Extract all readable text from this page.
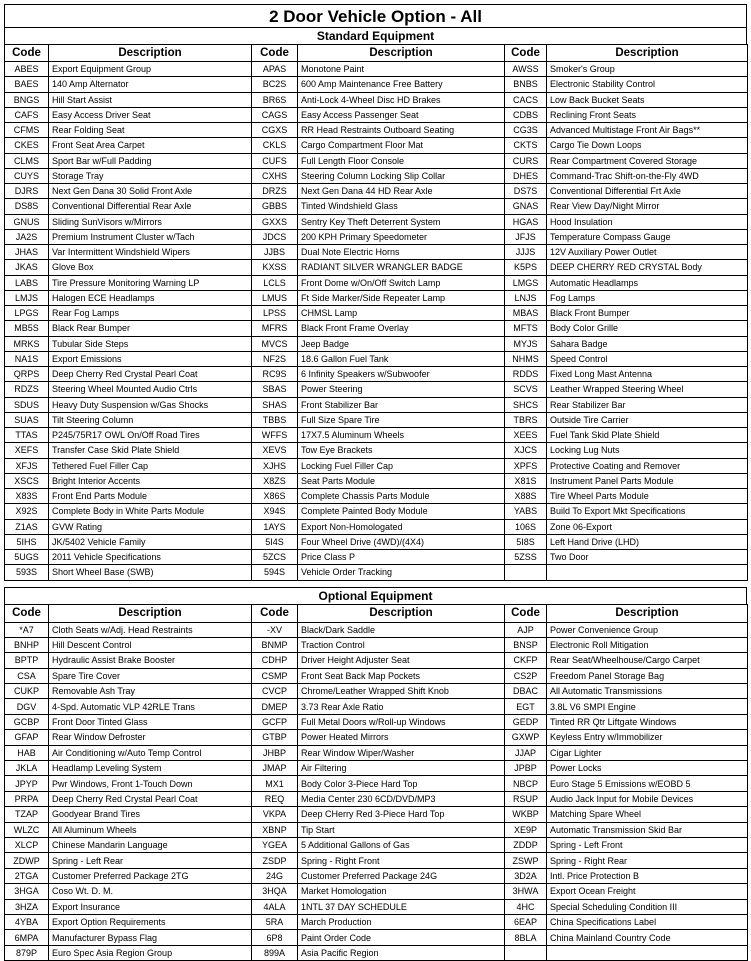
2 Door Vehicle Option - All
Standard Equipment
Code	Description	Code	Description	Code	Description
ABES	Export Equipment Group	APAS	Monotone Paint	AWSS	Smoker's Group
BAES	140 Amp Alternator	BC2S	600 Amp Maintenance Free Battery	BNBS	Electronic Stability Control
BNGS	Hill Start Assist	BR6S	Anti-Lock 4-Wheel Disc HD Brakes	CACS	Low Back Bucket Seats
CAFS	Easy Access Driver Seat	CAGS	Easy Access Passenger Seat	CDBS	Reclining Front Seats
CFMS	Rear Folding Seat	CGXS	RR Head Restraints Outboard Seating	CG3S	Advanced Multistage Front Air Bags**
CKES	Front Seat Area Carpet	CKLS	Cargo Compartment Floor Mat	CKTS	Cargo Tie Down Loops
CLMS	Sport Bar w/Full Padding	CUFS	Full Length Floor Console	CURS	Rear Compartment Covered Storage
CUYS	Storage Tray	CXHS	Steering Column Locking Slip Collar	DHES	Command-Trac Shift-on-the-Fly 4WD
DJRS	Next Gen Dana 30 Solid Front Axle	DRZS	Next Gen Dana 44 HD Rear Axle	DS7S	Conventional Differential Frt Axle
DS8S	Conventional Differential Rear Axle	GBBS	Tinted Windshield Glass	GNAS	Rear View Day/Night Mirror
GNUS	Sliding SunVisors w/Mirrors	GXXS	Sentry Key Theft Deterrent System	HGAS	Hood Insulation
JA2S	Premium Instrument Cluster w/Tach	JDCS	200 KPH Primary Speedometer	JFJS	Temperature Compass Gauge
JHAS	Var Intermittent Windshield Wipers	JJBS	Dual Note Electric Horns	JJJS	12V Auxiliary Power Outlet
JKAS	Glove Box	KXSS	RADIANT SILVER WRANGLER BADGE	K5PS	DEEP CHERRY RED CRYSTAL Body
LABS	Tire Pressure Monitoring Warning LP	LCLS	Front Dome w/On/Off Switch Lamp	LMGS	Automatic Headlamps
LMJS	Halogen ECE Headlamps	LMUS	Ft Side Marker/Side Repeater Lamp	LNJS	Fog Lamps
LPGS	Rear Fog Lamps	LPSS	CHMSL Lamp	MBAS	Black Front Bumper
MB5S	Black Rear Bumper	MFRS	Black Front Frame Overlay	MFTS	Body Color Grille
MRKS	Tubular Side Steps	MVCS	Jeep Badge	MYJS	Sahara Badge
NA1S	Export Emissions	NF2S	18.6 Gallon Fuel Tank	NHMS	Speed Control
QRPS	Deep Cherry Red Crystal Pearl Coat	RC9S	6 Infinity Speakers w/Subwoofer	RDDS	Fixed Long Mast Antenna
RDZS	Steering Wheel Mounted Audio Ctrls	SBAS	Power Steering	SCVS	Leather Wrapped Steering Wheel
SDUS	Heavy Duty Suspension w/Gas Shocks	SHAS	Front Stabilizer Bar	SHCS	Rear Stabilizer Bar
SUAS	Tilt Steering Column	TBBS	Full Size Spare Tire	TBRS	Outside Tire Carrier
TTAS	P245/75R17 OWL On/Off Road Tires	WFFS	17X7.5 Aluminum Wheels	XEES	Fuel Tank Skid Plate Shield
XEFS	Transfer Case Skid Plate Shield	XEVS	Tow Eye Brackets	XJCS	Locking Lug Nuts
XFJS	Tethered Fuel Filler Cap	XJHS	Locking Fuel Filler Cap	XPFS	Protective Coating and Remover
XSCS	Bright Interior Accents	X8ZS	Seat Parts Module	X81S	Instrument Panel Parts Module
X83S	Front End Parts Module	X86S	Complete Chassis Parts Module	X88S	Tire Wheel Parts Module
X92S	Complete Body in White Parts Module	X94S	Complete Painted Body Module	YABS	Build To Export Mkt Specifications
Z1AS	GVW Rating	1AYS	Export Non-Homologated	106S	Zone 06-Export
5IHS	JK/5402 Vehicle Family	5I4S	Four Wheel Drive (4WD)/(4X4)	5I8S	Left Hand Drive (LHD)
5UGS	2011 Vehicle Specifications	5ZCS	Price Class P	5ZSS	Two Door
593S	Short Wheel Base (SWB)	594S	Vehicle Order Tracking		
Optional Equipment
Code	Description	Code	Description	Code	Description
*A7	Cloth Seats w/Adj. Head Restraints	-XV	Black/Dark Saddle	AJP	Power Convenience Group
BNHP	Hill Descent Control	BNMP	Traction Control	BNSP	Electronic Roll Mitigation
BPTP	Hydraulic Assist Brake Booster	CDHP	Driver Height Adjuster Seat	CKFP	Rear Seat/Wheelhouse/Cargo Carpet
CSA	Spare Tire Cover	CSMP	Front Seat Back Map Pockets	CS2P	Freedom Panel Storage Bag
CUKP	Removable Ash Tray	CVCP	Chrome/Leather Wrapped Shift Knob	DBAC	All Automatic Transmissions
DGV	4-Spd. Automatic VLP 42RLE Trans	DMEP	3.73 Rear Axle Ratio	EGT	3.8L V6 SMPI Engine
GCBP	Front Door Tinted Glass	GCFP	Full Metal Doors w/Roll-up Windows	GEDP	Tinted RR Qtr Liftgate Windows
GFAP	Rear Window Defroster	GTBP	Power Heated Mirrors	GXWP	Keyless Entry w/Immobilizer
HAB	Air Conditioning w/Auto Temp Control	JHBP	Rear Window Wiper/Washer	JJAP	Cigar Lighter
JKLA	Headlamp Leveling System	JMAP	Air Filtering	JPBP	Power Locks
JPYP	Pwr Windows, Front 1-Touch Down	MX1	Body Color 3-Piece Hard Top	NBCP	Euro Stage 5 Emissions w/EOBD 5
PRPA	Deep Cherry Red Crystal Pearl Coat	REQ	Media Center 230 6CD/DVD/MP3	RSUP	Audio Jack Input for Mobile Devices
TZAP	Goodyear Brand Tires	VKPA	Deep CHerry Red 3-Piece Hard Top	WKBP	Matching Spare Wheel
WLZC	All Aluminum Wheels	XBNP	Tip Start	XE9P	Automatic Transmission Skid Bar
XLCP	Chinese Mandarin Language	YGEA	5 Additional Gallons of Gas	ZDDP	Spring - Left Front
ZDWP	Spring - Left Rear	ZSDP	Spring - Right Front	ZSWP	Spring - Right Rear
2TGA	Customer Preferred Package 2TG	24G	Customer Preferred Package 24G	3D2A	Intl. Price Protection B
3HGA	Coso Wt. D. M.	3HQA	Market Homologation	3HWA	Export Ocean Freight
3HZA	Export Insurance	4ALA	1NTL 37 DAY SCHEDULE	4HC	Special Scheduling Condition III
4YBA	Export Option Requirements	5RA	March Production	6EAP	China Specifications Label
6MPA	Manufacturer Bypass Flag	6P8	Paint Order Code	8BLA	China Mainland Country Code
879P	Euro Spec Asia Region Group	899A	Asia Pacific Region		
